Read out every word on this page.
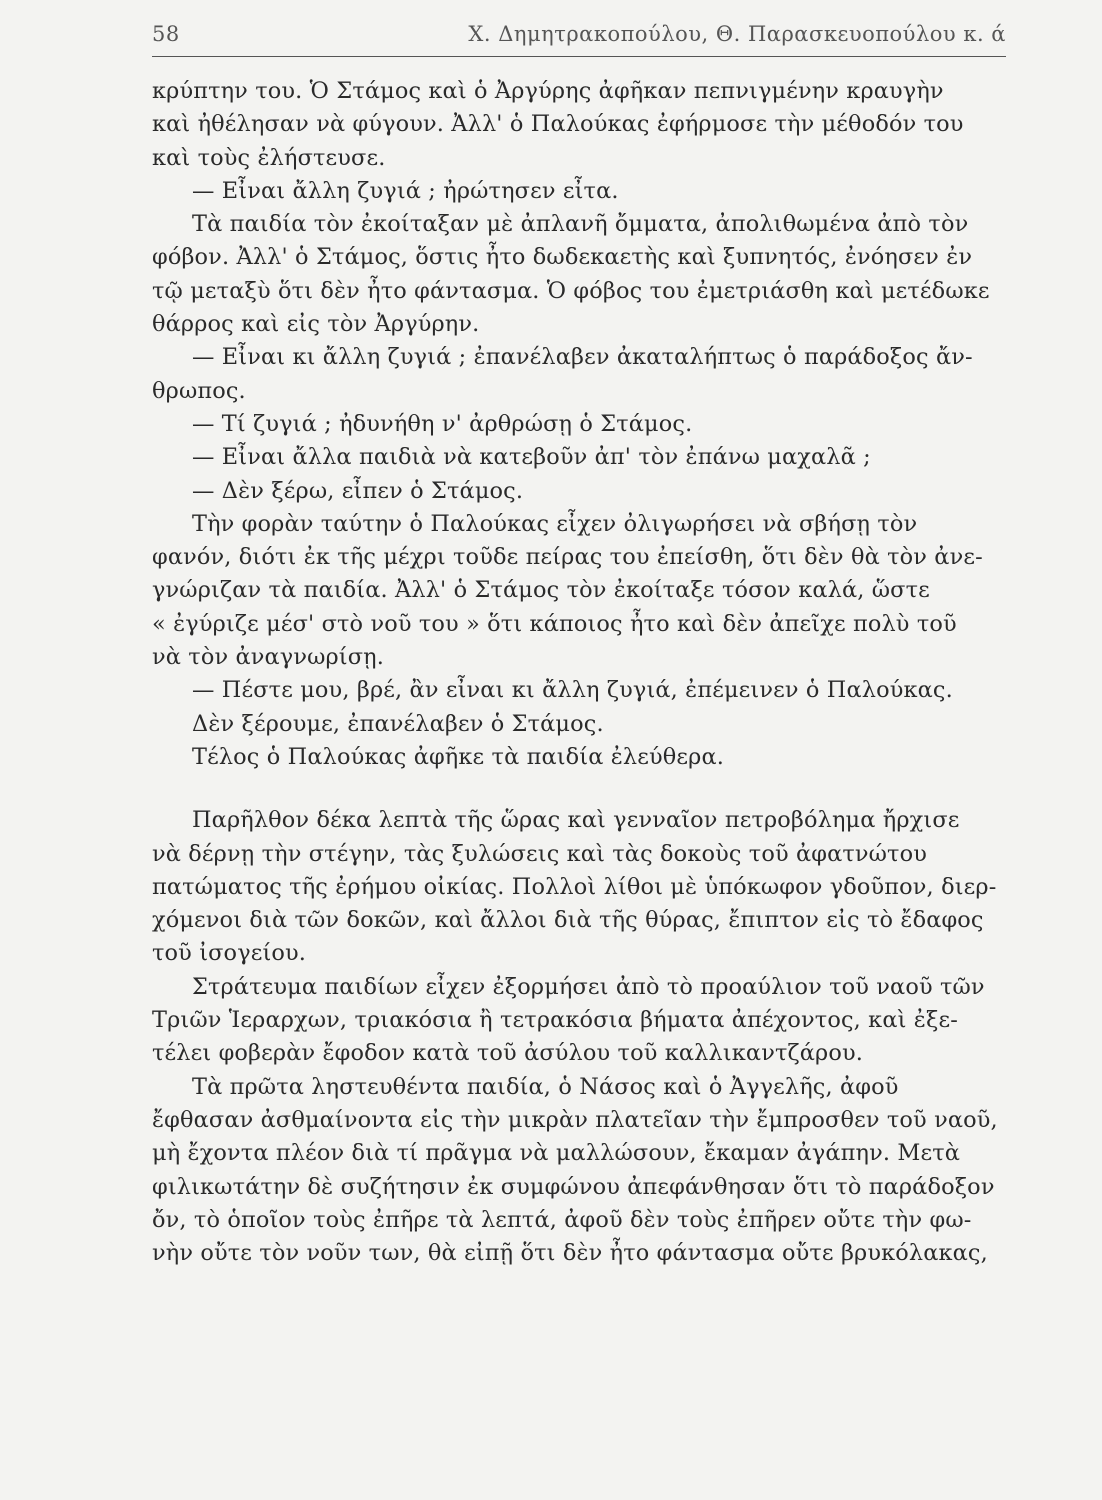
58	Χ. Δημητρακοπούλου, Θ. Παρασκευοπούλου κ. ά
κρύπτην του. Ὁ Στάμος καὶ ὁ Ἀργύρης ἀφῆκαν πεπνιγμένην κραυγὴν
καὶ ἠθέλησαν νὰ φύγουν. Ἀλλ' ὁ Παλούκας ἐφήρμοσε τὴν μέθοδόν του
καὶ τοὺς ἐλήστευσε.
— Εἶναι ἄλλη ζυγιά ; ἠρώτησεν εἶτα.
Τὰ παιδία τὸν ἐκοίταξαν μὲ ἀπλανῆ ὄμματα, ἀπολιθωμένα ἀπὸ τὸν
φόβον. Ἀλλ' ὁ Στάμος, ὅστις ἦτο δωδεκαετὴς καὶ ξυπνητός, ἐνόησεν ἐν
τῷ μεταξὺ ὅτι δὲν ἦτο φάντασμα. Ὁ φόβος του ἐμετριάσθη καὶ μετέδωκε
θάρρος καὶ εἰς τὸν Ἀργύρην.
— Εἶναι κι ἄλλη ζυγιά ; ἐπανέλαβεν ἀκαταλήπτως ὁ παράδοξος ἄν-
θρωπος.
— Τί ζυγιά ; ἠδυνήθη ν' ἀρθρώσῃ ὁ Στάμος.
— Εἶναι ἄλλα παιδιὰ νὰ κατεβοῦν ἀπ' τὸν ἐπάνω μαχαλᾶ ;
— Δὲν ξέρω, εἶπεν ὁ Στάμος.
Τὴν φορὰν ταύτην ὁ Παλούκας εἶχεν ὀλιγωρήσει νὰ σβήσῃ τὸν
φανόν, διότι ἐκ τῆς μέχρι τοῦδε πείρας του ἐπείσθη, ὅτι δὲν θὰ τὸν ἀνε-
γνώριζαν τὰ παιδία. Ἀλλ' ὁ Στάμος τὸν ἐκοίταξε τόσον καλά, ὥστε
« ἐγύριζε μέσ' στὸ νοῦ του » ὅτι κάποιος ἦτο καὶ δὲν ἀπεῖχε πολὺ τοῦ
νὰ τὸν ἀναγνωρίσῃ.
— Πέστε μου, βρέ, ἂν εἶναι κι ἄλλη ζυγιά, ἐπέμεινεν ὁ Παλούκας.
Δὲν ξέρουμε, ἐπανέλαβεν ὁ Στάμος.
Τέλος ὁ Παλούκας ἀφῆκε τὰ παιδία ἐλεύθερα.
Παρῆλθον δέκα λεπτὰ τῆς ὥρας καὶ γενναῖον πετροβόλημα ἤρχισε
νὰ δέρνῃ τὴν στέγην, τὰς ξυλώσεις καὶ τὰς δοκοὺς τοῦ ἀφατνώτου
πατώματος τῆς ἐρήμου οἰκίας. Πολλοὶ λίθοι μὲ ὑπόκωφον γδοῦπον, διερ-
χόμενοι διὰ τῶν δοκῶν, καὶ ἄλλοι διὰ τῆς θύρας, ἔπιπτον εἰς τὸ ἔδαφος
τοῦ ἰσογείου.
Στράτευμα παιδίων εἶχεν ἐξορμήσει ἀπὸ τὸ προαύλιον τοῦ ναοῦ τῶν
Τριῶν Ἱεραρχων, τριακόσια ἢ τετρακόσια βήματα ἀπέχοντος, καὶ ἐξε-
τέλει φοβερὰν ἔφοδον κατὰ τοῦ ἀσύλου τοῦ καλλικαντζάρου.
Τὰ πρῶτα ληστευθέντα παιδία, ὁ Νάσος καὶ ὁ Ἀγγελῆς, ἀφοῦ
ἔφθασαν ἀσθμαίνοντα εἰς τὴν μικρὰν πλατεῖαν τὴν ἔμπροσθεν τοῦ ναοῦ,
μὴ ἔχοντα πλέον διὰ τί πρᾶγμα νὰ μαλλώσουν, ἔκαμαν ἀγάπην. Μετὰ
φιλικωτάτην δὲ συζήτησιν ἐκ συμφώνου ἀπεφάνθησαν ὅτι τὸ παράδοξον
ὄν, τὸ ὁποῖον τοὺς ἐπῆρε τὰ λεπτά, ἀφοῦ δὲν τοὺς ἐπῆρεν οὔτε τὴν φω-
νὴν οὔτε τὸν νοῦν των, θὰ εἰπῇ ὅτι δὲν ἦτο φάντασμα οὔτε βρυκόλακας,
